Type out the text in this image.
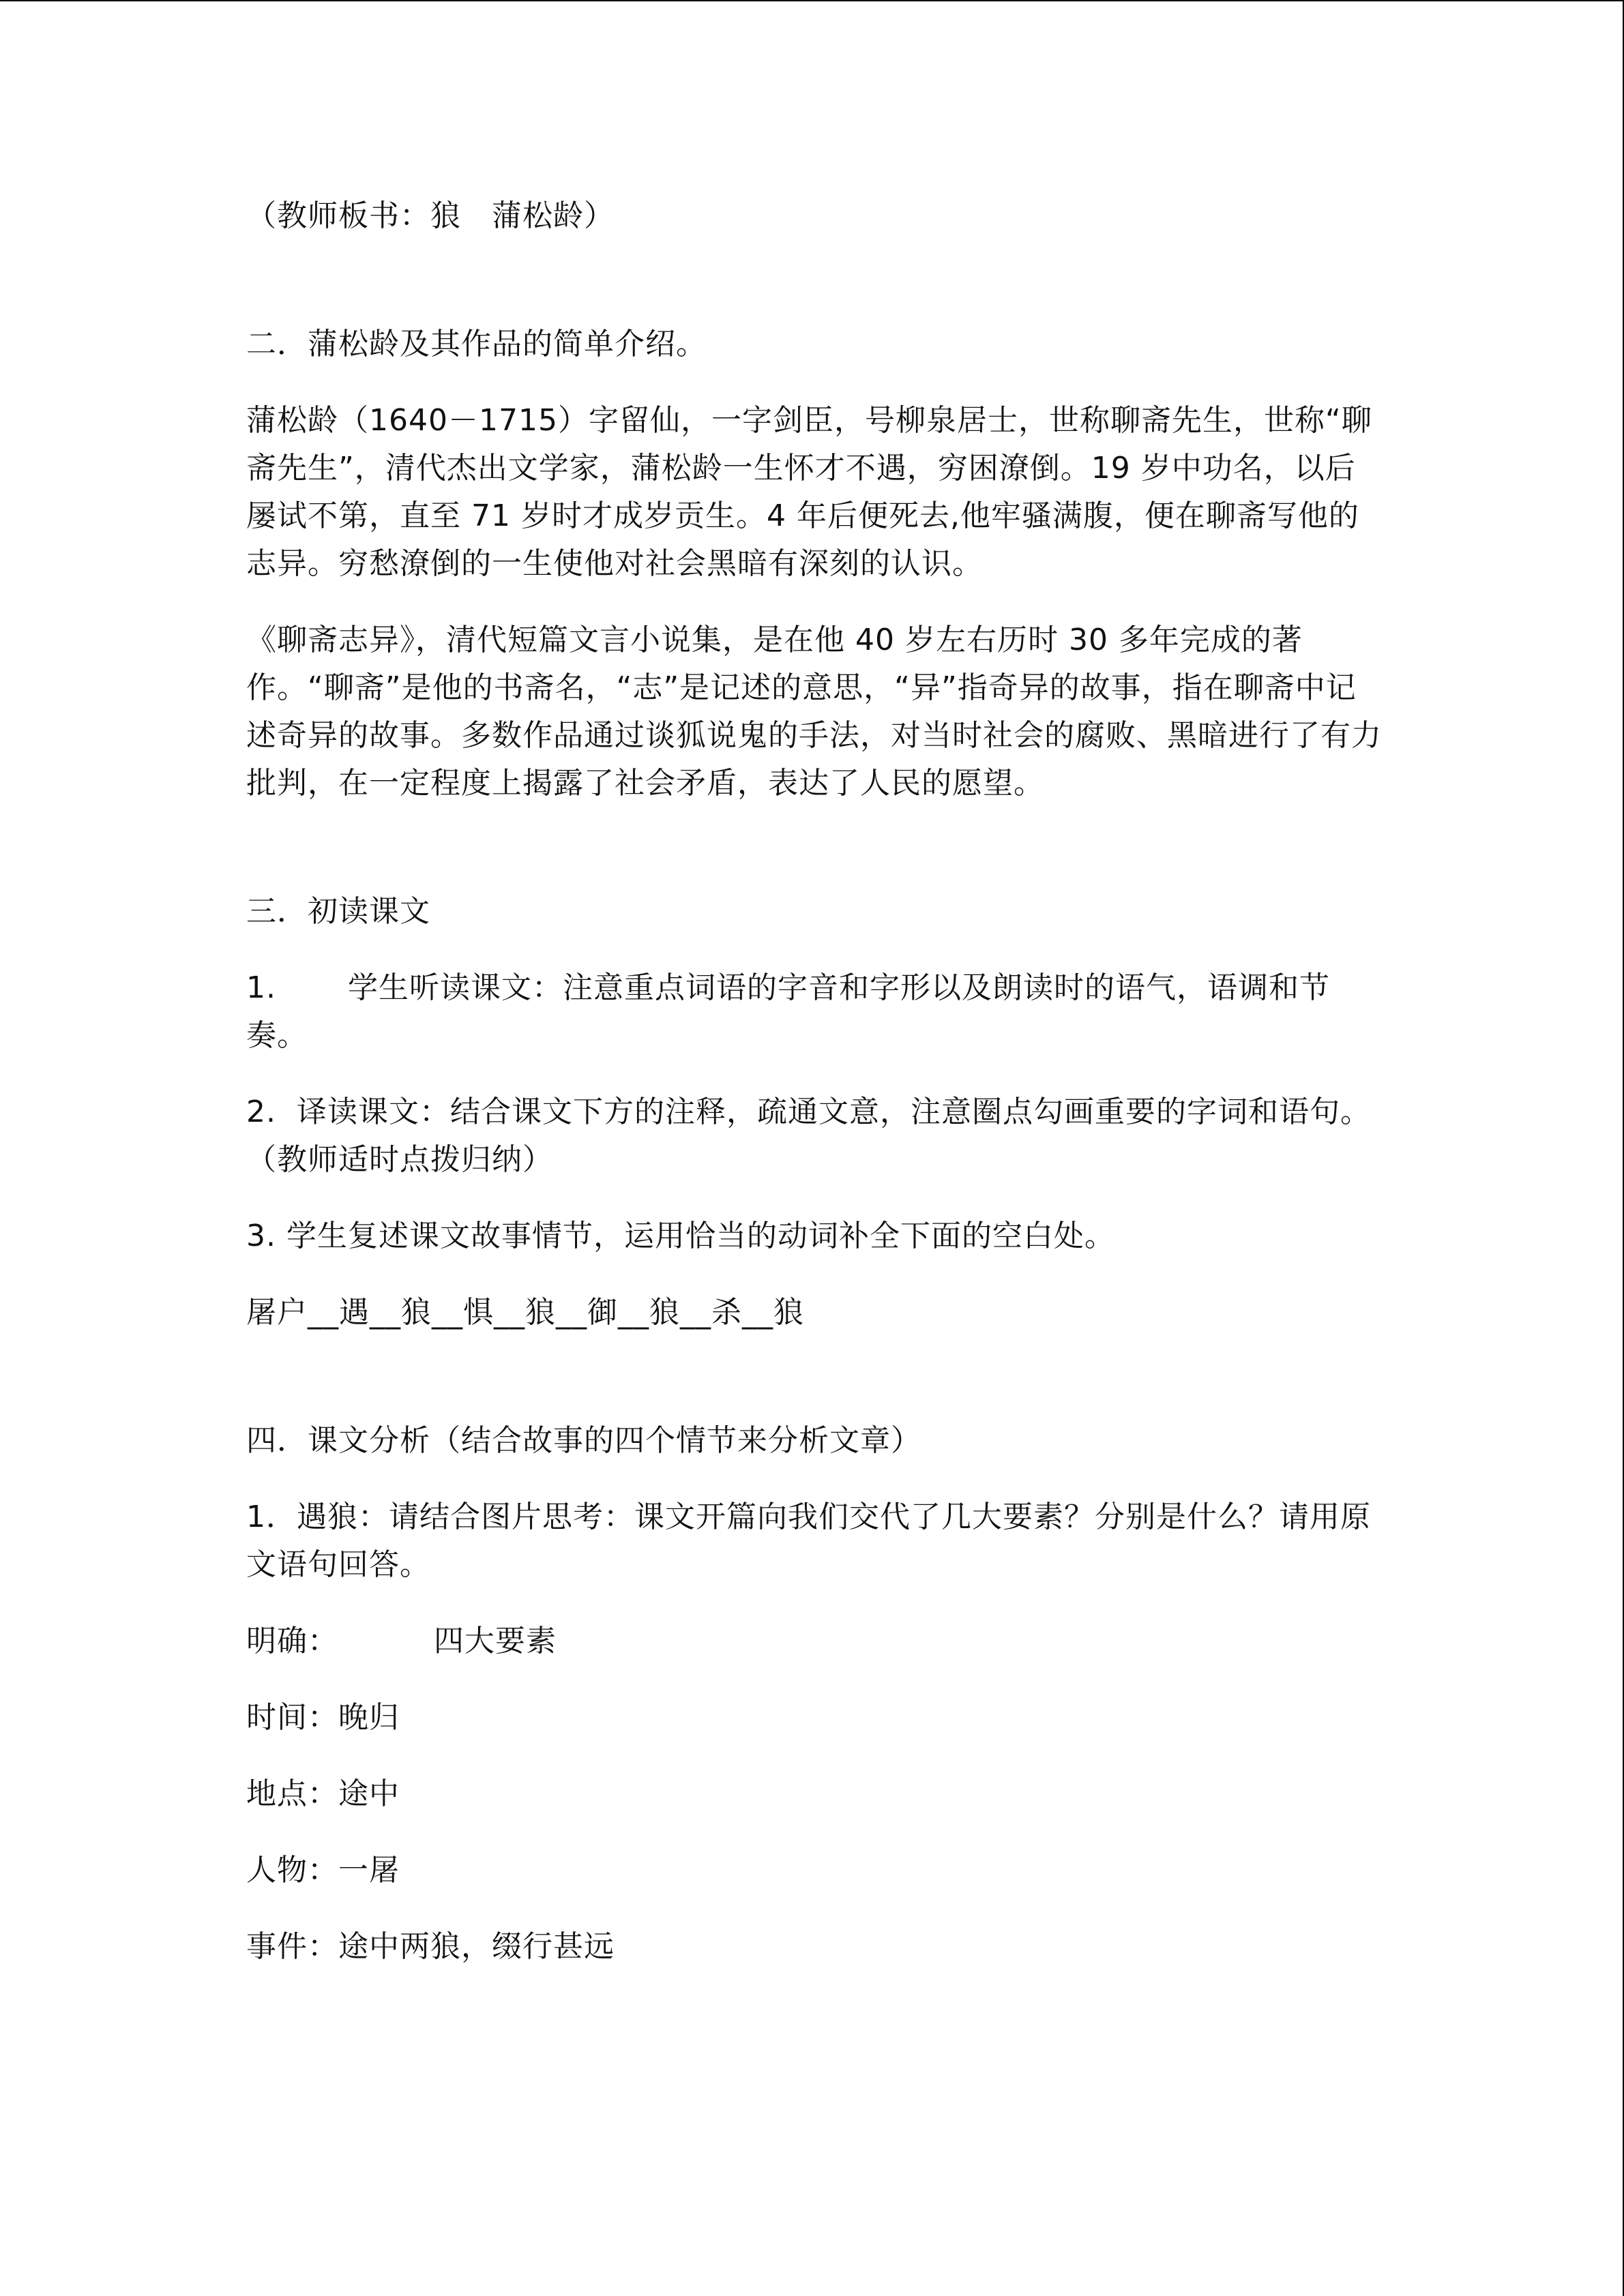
（教师板书：狼　蒲松龄）

二．蒲松龄及其作品的简单介绍。

蒲松龄（1640－1715）字留仙，一字剑臣，号柳泉居士，世称聊斋先生，世称“聊斋先生”，清代杰出文学家，蒲松龄一生怀才不遇，穷困潦倒。19 岁中功名，以后屡试不第，直至 71 岁时才成岁贡生。4 年后便死去,他牢骚满腹，便在聊斋写他的志异。穷愁潦倒的一生使他对社会黑暗有深刻的认识。

《聊斋志异》，清代短篇文言小说集，是在他 40 岁左右历时 30 多年完成的著作。“聊斋”是他的书斋名，“志”是记述的意思，“异”指奇异的故事，指在聊斋中记述奇异的故事。多数作品通过谈狐说鬼的手法，对当时社会的腐败、黑暗进行了有力批判，在一定程度上揭露了社会矛盾，表达了人民的愿望。

三．初读课文

1. 学生听读课文：注意重点词语的字音和字形以及朗读时的语气，语调和节奏。

2.  译读课文：结合课文下方的注释，疏通文意，注意圈点勾画重要的字词和语句。（教师适时点拨归纳）

3. 学生复述课文故事情节，运用恰当的动词补全下面的空白处。

屠户__遇__狼__惧__狼__御__狼__杀__狼

四．课文分析（结合故事的四个情节来分析文章）

1．遇狼：请结合图片思考：课文开篇向我们交代了几大要素？分别是什么？请用原文语句回答。

明确：	四大要素

时间：晚归

地点：途中

人物：一屠

事件：途中两狼，缀行甚远
